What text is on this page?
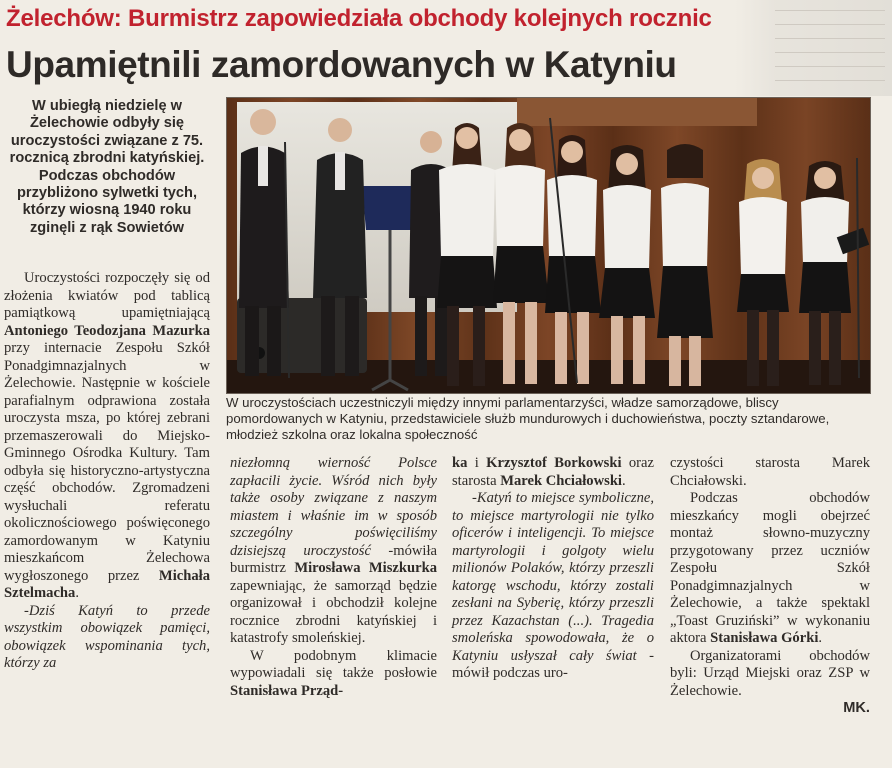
Żelechów: Burmistrz zapowiedziała obchody kolejnych rocznic
Upamiętnili zamordowanych w Katyniu
W ubiegłą niedzielę w Żelechowie odbyły się uroczystości związane z 75. rocznicą zbrodni katyńskiej. Podczas obchodów przybliżono sylwetki tych, którzy wiosną 1940 roku zginęli z rąk Sowietów
W uroczystościach uczestniczyli między innymi parlamentarzyści, władze samorządowe, bliscy pomordowanych w Katyniu, przedstawiciele służb mundurowych i duchowieństwa, poczty sztandarowe, młodzież szkolna oraz lokalna społeczność
Uroczystości rozpoczęły się od złożenia kwiatów pod tablicą pamiątkową upamiętniającą Antoniego Teodozjana Mazurka przy internacie Zespołu Szkół Ponadgimnazjalnych w Żelechowie. Następnie w kościele parafialnym odprawiona została uroczysta msza, po której zebrani przemaszerowali do Miejsko-Gminnego Ośrodka Kultury. Tam odbyła się historyczno-artystyczna część obchodów. Zgromadzeni wysłuchali referatu okolicznościowego poświęconego zamordowanym w Katyniu mieszkańcom Żelechowa wygłoszonego przez Michała Sztelmacha.
-Dziś Katyń to przede wszystkim obowiązek pamięci, obowiązek wspominania tych, którzy za
niezłomną wierność Polsce zapłacili życie. Wśród nich były także osoby związane z naszym miastem i właśnie im w sposób szczególny poświęciliśmy dzisiejszą uroczystość -mówiła burmistrz Mirosława Miszkurka zapewniając, że samorząd będzie organizował i obchodził kolejne rocznice zbrodni katyńskiej i katastrofy smoleńskiej.
W podobnym klimacie wypowiadali się także posłowie Stanisława Prząd-
ka i Krzysztof Borkowski oraz starosta Marek Chciałowski.
-Katyń to miejsce symboliczne, to miejsce martyrologii nie tylko oficerów i inteligencji. To miejsce martyrologii i golgoty wielu milionów Polaków, którzy przeszli katorgę wschodu, którzy zostali zesłani na Syberię, którzy przeszli przez Kazachstan (...). Tragedia smoleńska spowodowała, że o Katyniu usłyszał cały świat -mówił podczas uro-
czystości starosta Marek Chciałowski.
Podczas obchodów mieszkańcy mogli obejrzeć montaż słowno-muzyczny przygotowany przez uczniów Zespołu Szkół Ponadgimnazjalnych w Żelechowie, a także spektakl „Toast Gruziński” w wykonaniu aktora Stanisława Górki.
Organizatorami obchodów byli: Urząd Miejski oraz ZSP w Żelechowie.
MK.
